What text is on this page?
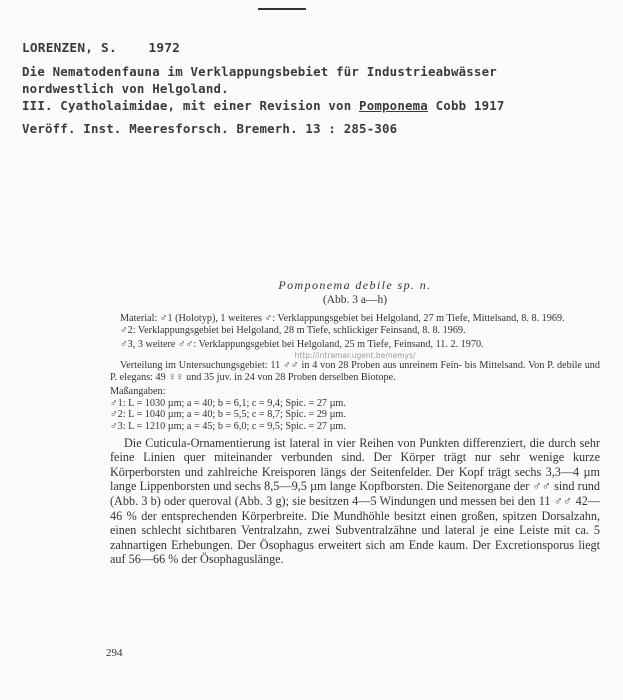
LORENZEN, S.    1972
Die Nematodenfauna im Verklappungsbebiet für Industrieabwässer
nordwestlich von Helgoland.
III. Cyatholaimidae, mit einer Revision von Pomponema Cobb 1917
Veröff. Inst. Meeresforsch. Bremerh. 13 : 285-306
Pomponema debile sp. n.
(Abb. 3 a—h)

Material: ♂1 (Holotyp), 1 weiteres ♂: Verklappungsgebiet bei Helgoland, 27 m Tiefe, Mittelsand, 8. 8. 1969.

♂2: Verklappungsgebiet bei Helgoland, 28 m Tiefe, schlickiger Feinsand, 8. 8. 1969.

♂3, 3 weitere ♂♂: Verklappungsgebiet bei Helgoland, 25 m Tiefe, Feinsand, 11. 2. 1970.

http://intramar.ugent.be/nemys/

Verteilung im Untersuchungsgebiet: 11 ♂♂ in 4 von 28 Proben aus unreinem Fein- bis Mittelsand. Von P. debile und P. elegans: 49 ♀♀ und 35 juv. in 24 von 28 Proben derselben Biotope.

Maßangaben:

♂1: L = 1030 µm; a = 40; b = 6,1; c = 9,4; Spic. = 27 µm.

♂2: L = 1040 µm; a = 40; b = 5,5; c = 8,7; Spic. = 29 µm.

♂3: L = 1210 µm; a = 45; b = 6,0; c = 9,5; Spic. = 27 µm.

Die Cuticula-Ornamentierung ist lateral in vier Reihen von Punkten differenziert, die durch sehr feine Linien quer miteinander verbunden sind. Der Körper trägt nur sehr wenige kurze Körperborsten und zahlreiche Kreisporen längs der Seitenfelder. Der Kopf trägt sechs 3,3—4 µm lange Lippenborsten und sechs 8,5—9,5 µm lange Kopfborsten. Die Seitenorgane der ♂♂ sind rund (Abb. 3 b) oder queroval (Abb. 3 g); sie besitzen 4—5 Windungen und messen bei den 11 ♂♂ 42—46 % der entsprechenden Körperbreite. Die Mundhöhle besitzt einen großen, spitzen Dorsalzahn, einen schlecht sichtbaren Ventralzahn, zwei Subventralzähne und lateral je eine Leiste mit ca. 5 zahnartigen Erhebungen. Der Ösophagus erweitert sich am Ende kaum. Der Excretionsporus liegt auf 56—66 % der Ösophaguslänge.

294
